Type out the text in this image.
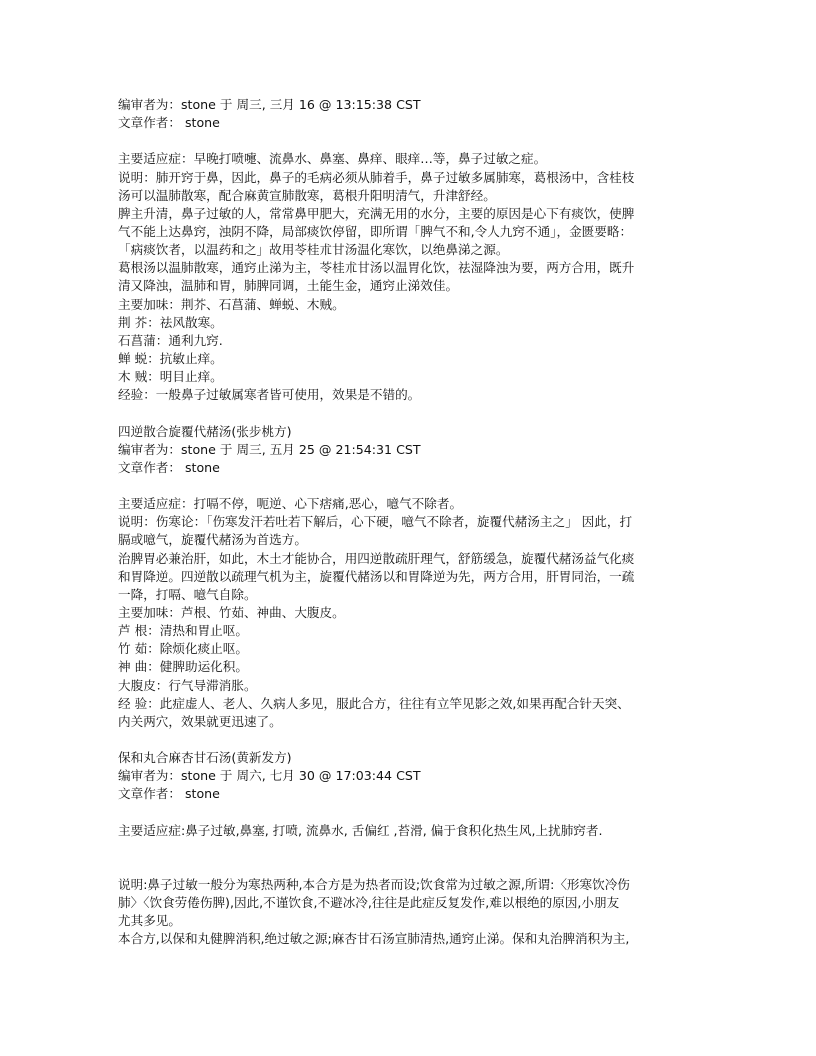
编审者为：stone 于 周三, 三月 16 @ 13:15:38 CST
文章作者： stone
主要适应症：早晚打喷嚏、流鼻水、鼻塞、鼻痒、眼痒…等，鼻子过敏之症。
说明：肺开窍于鼻，因此，鼻子的毛病必须从肺着手，鼻子过敏多属肺寒，葛根汤中，含桂枝
汤可以温肺散寒，配合麻黄宣肺散寒，葛根升阳明清气，升津舒经。
脾主升清，鼻子过敏的人，常常鼻甲肥大，充满无用的水分，主要的原因是心下有痰饮，使脾
气不能上达鼻窍，浊阴不降，局部痰饮停留，即所谓「脾气不和,令人九窍不通」，金匮要略：
「病痰饮者，以温药和之」故用苓桂朮甘汤温化寒饮，以绝鼻涕之源。
葛根汤以温肺散寒，通窍止涕为主，苓桂朮甘汤以温胃化饮，祛湿降浊为要，两方合用，既升
清又降浊，温肺和胃，肺脾同调，土能生金，通窍止涕效佳。
主要加味：荆芥、石菖蒲、蝉蜕、木贼。
荆 芥：祛风散寒。
石菖蒲：通利九窍.
蝉 蜕：抗敏止痒。
木 贼：明目止痒。
经验：一般鼻子过敏属寒者皆可使用，效果是不错的。
四逆散合旋覆代赭汤(张步桃方)
编审者为：stone 于 周三, 五月 25 @ 21:54:31 CST
文章作者： stone
主要适应症：打嗝不停，呃逆、心下痞痛,恶心，噫气不除者。
说明：伤寒论：「伤寒发汗若吐若下解后，心下硬，噫气不除者，旋覆代赭汤主之」 因此，打
膈或噫气，旋覆代赭汤为首选方。
治脾胃必兼治肝，如此，木土才能协合，用四逆散疏肝理气，舒筋缓急，旋覆代赭汤益气化痰
和胃降逆。四逆散以疏理气机为主，旋覆代赭汤以和胃降逆为先，两方合用，肝胃同治，一疏
一降，打嗝、噫气自除。
主要加味：芦根、竹茹、神曲、大腹皮。
芦 根：清热和胃止呕。
竹 茹：除烦化痰止呕。
神 曲：健脾助运化积。
大腹皮：行气导滞消胀。
经 验：此症虚人、老人、久病人多见，服此合方，往往有立竿见影之效,如果再配合针天突、
内关两穴，效果就更迅速了。
保和丸合麻杏甘石汤(黄新发方)
编审者为：stone 于 周六, 七月 30 @ 17:03:44 CST
文章作者： stone
主要适应症:鼻子过敏,鼻塞, 打喷, 流鼻水, 舌偏红 ,苔滑, 偏于食积化热生风,上扰肺窍者.
说明:鼻子过敏一般分为寒热两种,本合方是为热者而设;饮食常为过敏之源,所谓:〈形寒饮冷伤
肺〉〈饮食劳倦伤脾),因此,不谨饮食,不避冰冷,往往是此症反复发作,难以根绝的原因,小朋友
尤其多见。
本合方,以保和丸健脾消积,绝过敏之源;麻杏甘石汤宣肺清热,通窍止涕。保和丸治脾消积为主,
